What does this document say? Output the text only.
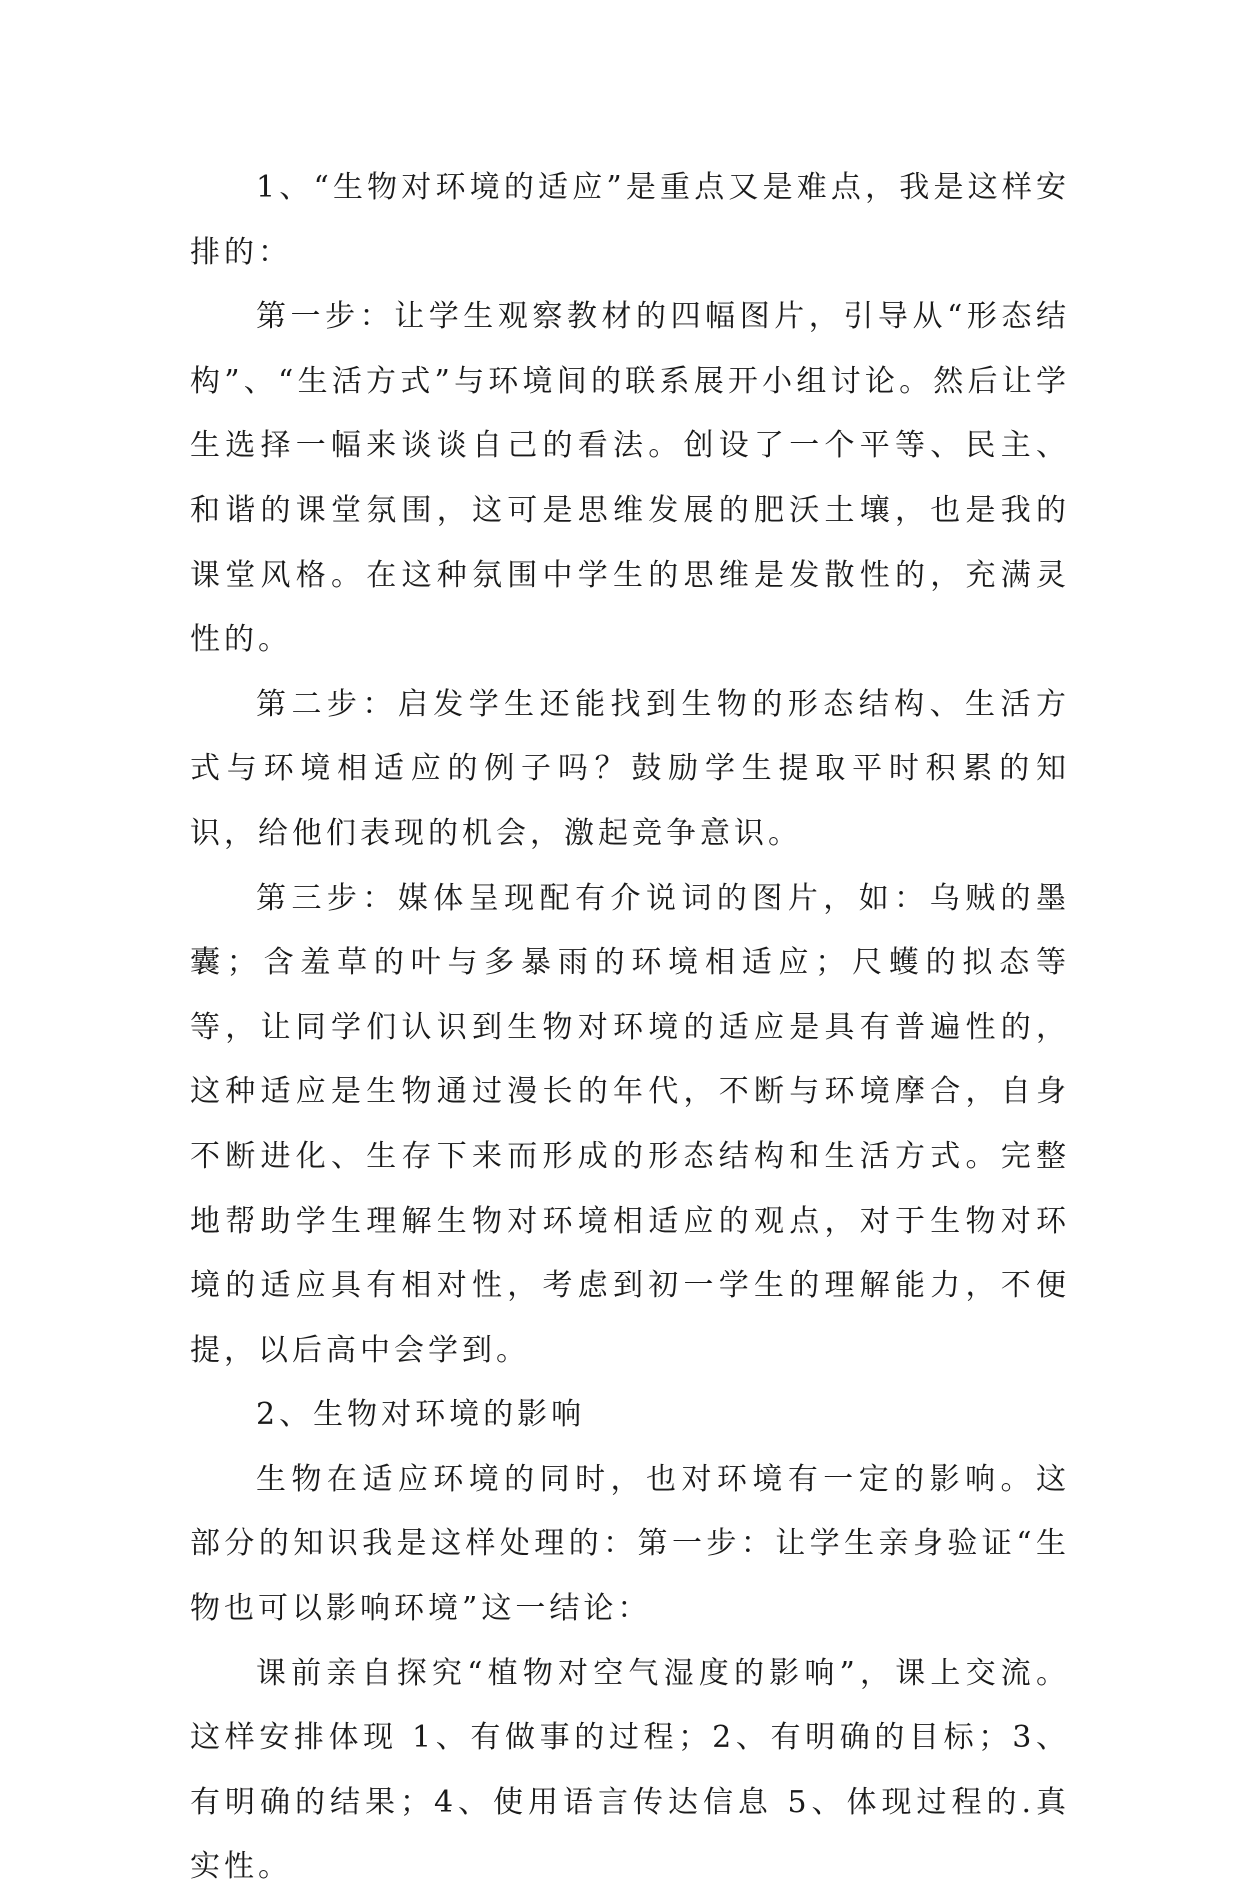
1、“生物对环境的适应”是重点又是难点，我是这样安排的：

第一步：让学生观察教材的四幅图片，引导从“形态结构”、“生活方式”与环境间的联系展开小组讨论。然后让学生选择一幅来谈谈自己的看法。创设了一个平等、民主、和谐的课堂氛围，这可是思维发展的肥沃土壤，也是我的课堂风格。在这种氛围中学生的思维是发散性的，充满灵性的。

第二步：启发学生还能找到生物的形态结构、生活方式与环境相适应的例子吗？鼓励学生提取平时积累的知识，给他们表现的机会，激起竞争意识。

第三步：媒体呈现配有介说词的图片，如：乌贼的墨囊；含羞草的叶与多暴雨的环境相适应；尺蠖的拟态等等，让同学们认识到生物对环境的适应是具有普遍性的，这种适应是生物通过漫长的年代，不断与环境摩合，自身不断进化、生存下来而形成的形态结构和生活方式。完整地帮助学生理解生物对环境相适应的观点，对于生物对环境的适应具有相对性，考虑到初一学生的理解能力，不便提，以后高中会学到。

2、生物对环境的影响

生物在适应环境的同时，也对环境有一定的影响。这部分的知识我是这样处理的：第一步：让学生亲身验证“生物也可以影响环境”这一结论：

课前亲自探究“植物对空气湿度的影响”，课上交流。这样安排体现 1、有做事的过程；2、有明确的目标；3、有明确的结果；4、使用语言传达信息 5、体现过程的.真实性。
